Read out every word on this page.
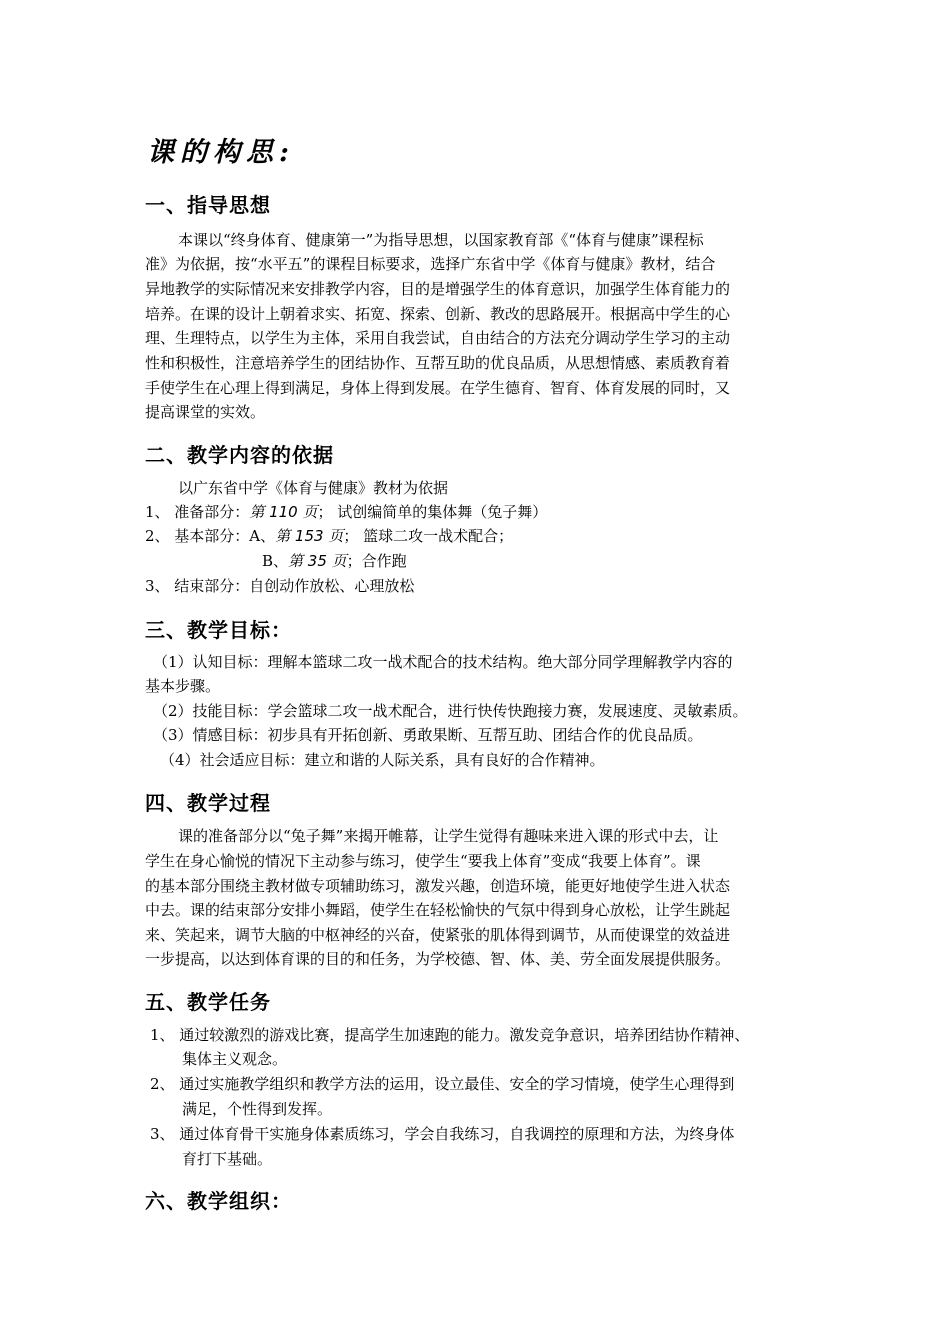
课的构思:
一、指导思想
本课以“终身体育、健康第一”为指导思想，以国家教育部《“体育与健康”课程标
准》为依据，按“水平五”的课程目标要求，选择广东省中学《体育与健康》教材，结合
异地教学的实际情况来安排教学内容，目的是增强学生的体育意识，加强学生体育能力的
培养。在课的设计上朝着求实、拓宽、探索、创新、教改的思路展开。根据高中学生的心
理、生理特点，以学生为主体，采用自我尝试，自由结合的方法充分调动学生学习的主动
性和积极性，注意培养学生的团结协作、互帮互助的优良品质，从思想情感、素质教育着
手使学生在心理上得到满足，身体上得到发展。在学生德育、智育、体育发展的同时，又
提高课堂的实效。
二、教学内容的依据
以广东省中学《体育与健康》教材为依据
1、 准备部分：第 110 页； 试创编简单的集体舞（兔子舞）
2、 基本部分：A、第 153 页； 篮球二攻一战术配合；
B、第 35 页；合作跑
3、 结束部分：自创动作放松、心理放松
三、教学目标：
（1）认知目标：理解本篮球二攻一战术配合的技术结构。绝大部分同学理解教学内容的
基本步骤。
（2）技能目标：学会篮球二攻一战术配合，进行快传快跑接力赛，发展速度、灵敏素质。
（3）情感目标：初步具有开拓创新、勇敢果断、互帮互助、团结合作的优良品质。
（4）社会适应目标：建立和谐的人际关系，具有良好的合作精神。
四、教学过程
课的准备部分以“兔子舞”来揭开帷幕，让学生觉得有趣味来进入课的形式中去，让
学生在身心愉悦的情况下主动参与练习，使学生“要我上体育”变成“我要上体育”。课
的基本部分围绕主教材做专项辅助练习，激发兴趣，创造环境，能更好地使学生进入状态
中去。课的结束部分安排小舞蹈，使学生在轻松愉快的气氛中得到身心放松，让学生跳起
来、笑起来，调节大脑的中枢神经的兴奋，使紧张的肌体得到调节，从而使课堂的效益进
一步提高，以达到体育课的目的和任务，为学校德、智、体、美、劳全面发展提供服务。
五、教学任务
1、 通过较激烈的游戏比赛，提高学生加速跑的能力。激发竞争意识，培养团结协作精神、
集体主义观念。
2、 通过实施教学组织和教学方法的运用，设立最佳、安全的学习情境，使学生心理得到
满足，个性得到发挥。
3、 通过体育骨干实施身体素质练习，学会自我练习，自我调控的原理和方法，为终身体
育打下基础。
六、教学组织：
